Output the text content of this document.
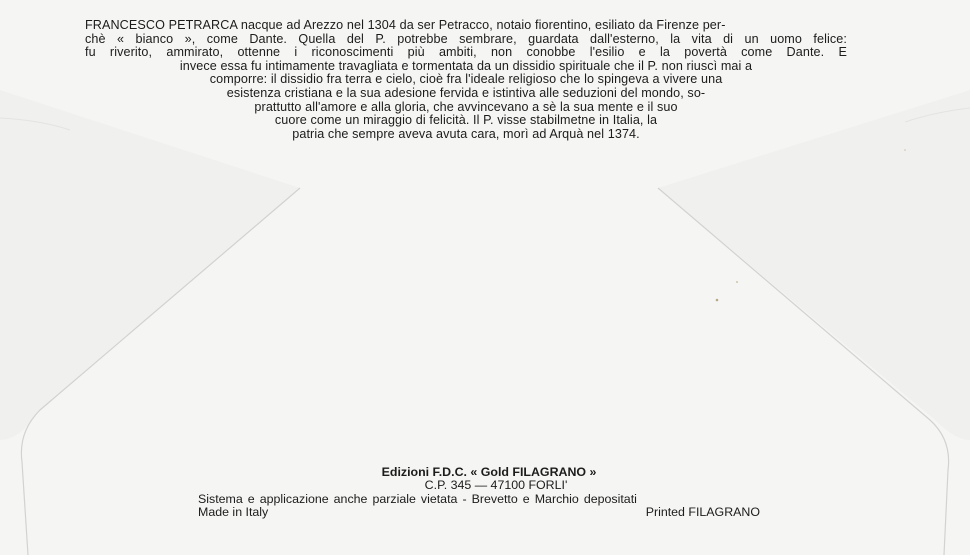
FRANCESCO PETRARCA nacque ad Arezzo nel 1304 da ser Petracco, notaio fiorentino, esiliato da Firenze per-
chè « bianco », come Dante. Quella del P. potrebbe sembrare, guardata dall'esterno, la vita di un uomo felice:
fu riverito, ammirato, ottenne i riconoscimenti più ambiti, non conobbe l'esilio e la povertà come Dante. E
invece essa fu intimamente travagliata e tormentata da un dissidio spirituale che il P. non riuscì mai a
comporre: il dissidio fra terra e cielo, cioè fra l'ideale religioso che lo spingeva a vivere una
esistenza cristiana e la sua adesione fervida e istintiva alle seduzioni del mondo, so-
prattutto all'amore e alla gloria, che avvincevano a sè la sua mente e il suo
cuore come un miraggio di felicità. Il P. visse stabilmetne in Italia, la
patria che sempre aveva avuta cara, morì ad Arquà nel 1374.
Edizioni F.D.C. « Gold FILAGRANO »
C.P. 345 — 47100 FORLI'
Sistema e applicazione anche parziale vietata - Brevetto e Marchio depositati
Made in Italy	Printed FILAGRANO
